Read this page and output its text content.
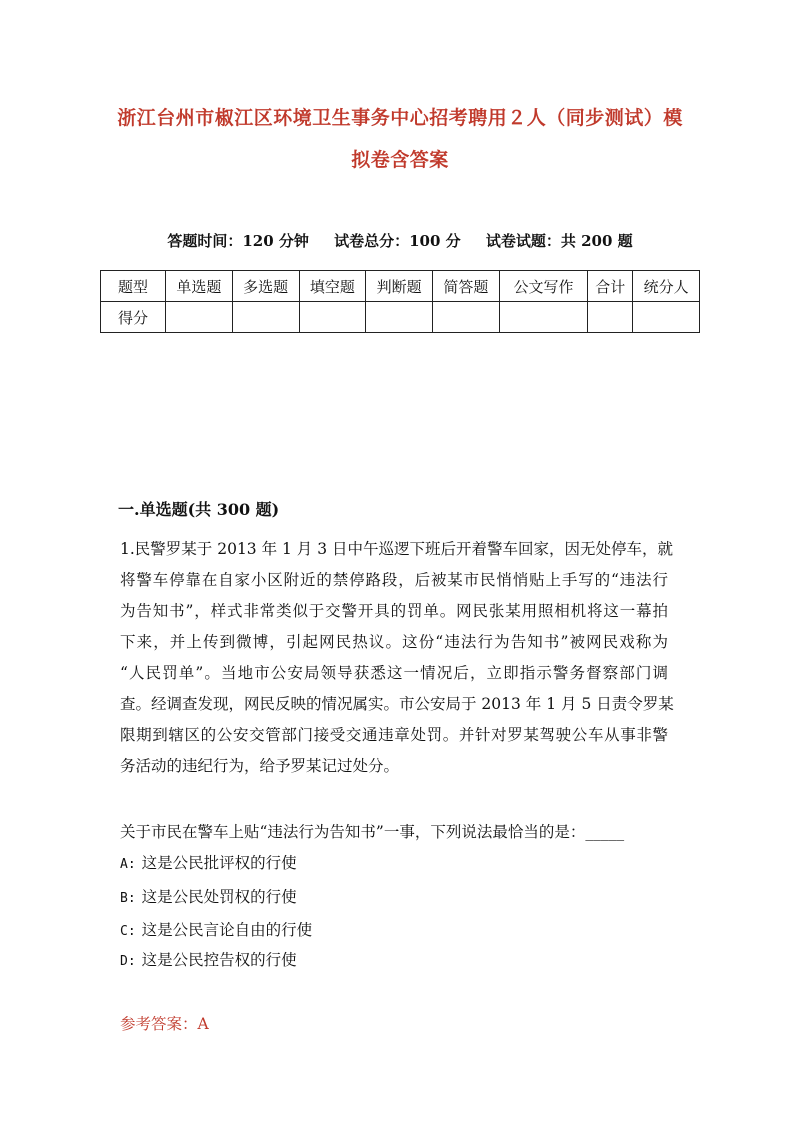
浙江台州市椒江区环境卫生事务中心招考聘用２人（同步测试）模
拟卷含答案
答题时间：120 分钟 试卷总分：100 分 试卷试题：共 200 题
题型	单选题	多选题	填空题	判断题	简答题	公文写作	合计	统分人
得分								
一.单选题(共 300 题)
1.民警罗某于 2013 年 1 月 3 日中午巡逻下班后开着警车回家，因无处停车，就
将警车停靠在自家小区附近的禁停路段，后被某市民悄悄贴上手写的“违法行
为告知书”，样式非常类似于交警开具的罚单。网民张某用照相机将这一幕拍
下来，并上传到微博，引起网民热议。这份“违法行为告知书”被网民戏称为
“人民罚单”。当地市公安局领导获悉这一情况后，立即指示警务督察部门调
查。经调查发现，网民反映的情况属实。市公安局于 2013 年 1 月 5 日责令罗某
限期到辖区的公安交管部门接受交通违章处罚。并针对罗某驾驶公车从事非警
务活动的违纪行为，给予罗某记过处分。
关于市民在警车上贴“违法行为告知书”一事，下列说法最恰当的是：_____
A: 这是公民批评权的行使
B: 这是公民处罚权的行使
C: 这是公民言论自由的行使
D: 这是公民控告权的行使
参考答案：A
